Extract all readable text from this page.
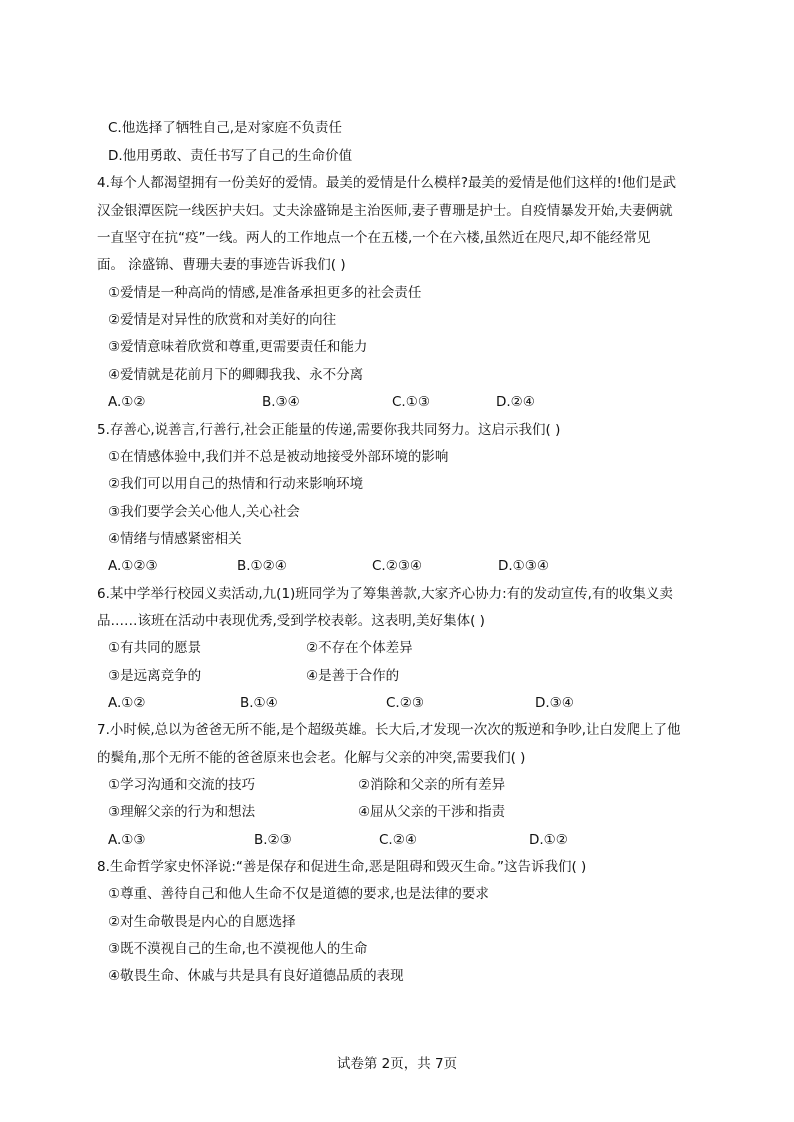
C.他选择了牺牲自己,是对家庭不负责任
D.他用勇敢、责任书写了自己的生命价值
4.每个人都渴望拥有一份美好的爱情。最美的爱情是什么模样?最美的爱情是他们这样的!他们是武
汉金银潭医院一线医护夫妇。丈夫涂盛锦是主治医师,妻子曹珊是护士。自疫情暴发开始,夫妻俩就
一直坚守在抗“疫”一线。两人的工作地点一个在五楼,一个在六楼,虽然近在咫尺,却不能经常见
面。 涂盛锦、曹珊夫妻的事迹告诉我们( )
①爱情是一种高尚的情感,是准备承担更多的社会责任
②爱情是对异性的欣赏和对美好的向往
③爱情意味着欣赏和尊重,更需要责任和能力
④爱情就是花前月下的卿卿我我、永不分离
A.①②	B.③④	C.①③	D.②④
5.存善心,说善言,行善行,社会正能量的传递,需要你我共同努力。这启示我们( )
①在情感体验中,我们并不总是被动地接受外部环境的影响
②我们可以用自己的热情和行动来影响环境
③我们要学会关心他人,关心社会
④情绪与情感紧密相关
A.①②③	B.①②④	C.②③④	D.①③④
6.某中学举行校园义卖活动,九(1)班同学为了筹集善款,大家齐心协力:有的发动宣传,有的收集义卖
品……该班在活动中表现优秀,受到学校表彰。这表明,美好集体( )
①有共同的愿景	②不存在个体差异
③是远离竞争的	④是善于合作的
A.①②	B.①④	C.②③	D.③④
7.小时候,总以为爸爸无所不能,是个超级英雄。长大后,才发现一次次的叛逆和争吵,让白发爬上了他
的鬓角,那个无所不能的爸爸原来也会老。化解与父亲的冲突,需要我们( )
①学习沟通和交流的技巧	②消除和父亲的所有差异
③理解父亲的行为和想法	④屈从父亲的干涉和指责
A.①③	B.②③	C.②④	D.①②
8.生命哲学家史怀泽说:“善是保存和促进生命,恶是阻碍和毁灭生命。”这告诉我们( )
①尊重、善待自己和他人生命不仅是道德的要求,也是法律的要求
②对生命敬畏是内心的自愿选择
③既不漠视自己的生命,也不漠视他人的生命
④敬畏生命、休戚与共是具有良好道德品质的表现
试卷第 2页，共 7页
